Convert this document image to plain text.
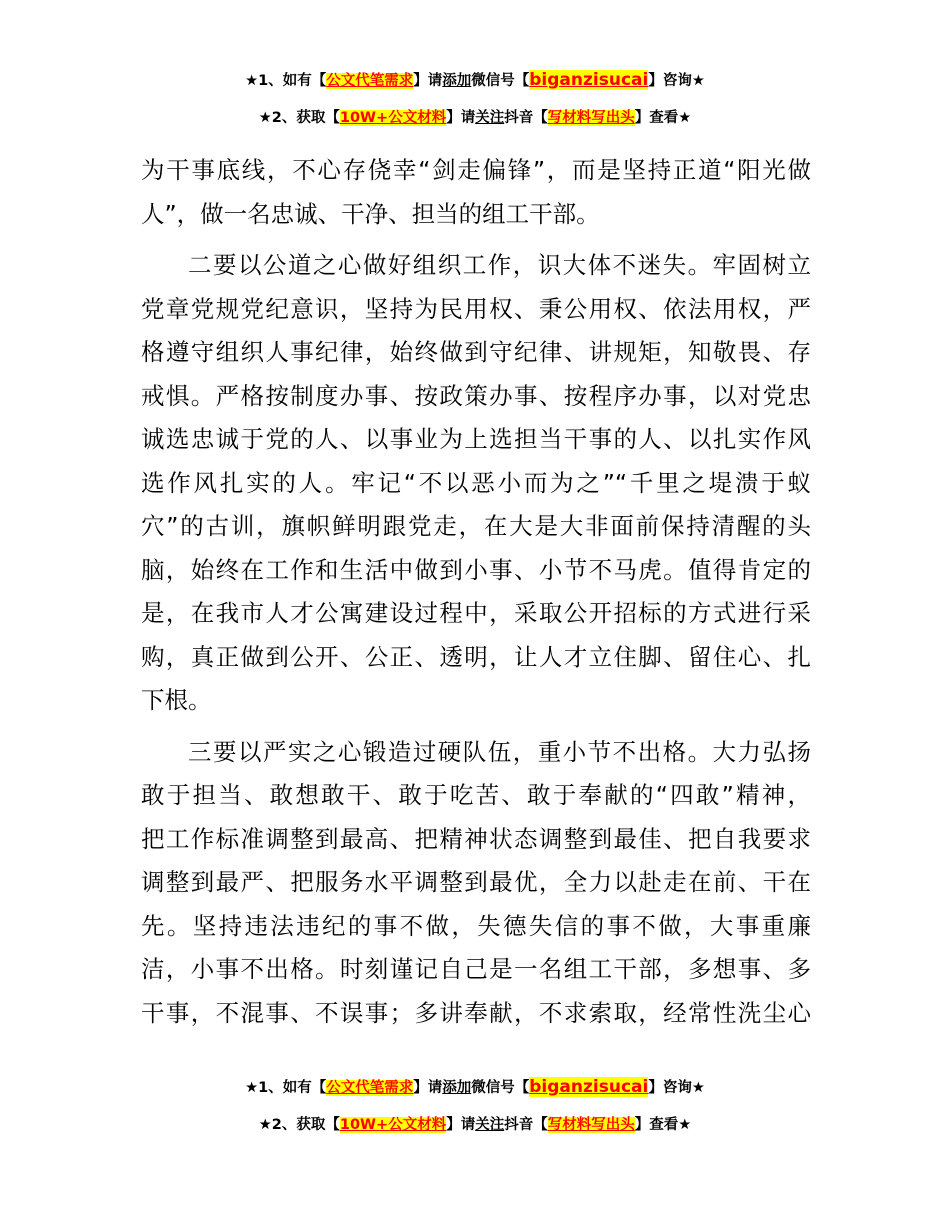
★1、如有【公文代笔需求】请添加微信号【biganzisucai】咨询★
★2、获取【10W+公文材料】请关注抖音【写材料写出头】查看★
为干事底线，不心存侥幸“剑走偏锋”，而是坚持正道“阳光做
人”，做一名忠诚、干净、担当的组工干部。
二要以公道之心做好组织工作，识大体不迷失。牢固树立
党章党规党纪意识，坚持为民用权、秉公用权、依法用权，严
格遵守组织人事纪律，始终做到守纪律、讲规矩，知敬畏、存
戒惧。严格按制度办事、按政策办事、按程序办事，以对党忠
诚选忠诚于党的人、以事业为上选担当干事的人、以扎实作风
选作风扎实的人。牢记“不以恶小而为之”“千里之堤溃于蚁
穴”的古训，旗帜鲜明跟党走，在大是大非面前保持清醒的头
脑，始终在工作和生活中做到小事、小节不马虎。值得肯定的
是，在我市人才公寓建设过程中，采取公开招标的方式进行采
购，真正做到公开、公正、透明，让人才立住脚、留住心、扎
下根。
三要以严实之心锻造过硬队伍，重小节不出格。大力弘扬
敢于担当、敢想敢干、敢于吃苦、敢于奉献的“四敢”精神，
把工作标准调整到最高、把精神状态调整到最佳、把自我要求
调整到最严、把服务水平调整到最优，全力以赴走在前、干在
先。坚持违法违纪的事不做，失德失信的事不做，大事重廉
洁，小事不出格。时刻谨记自己是一名组工干部，多想事、多
干事，不混事、不误事；多讲奉献，不求索取，经常性洗尘心
★1、如有【公文代笔需求】请添加微信号【biganzisucai】咨询★
★2、获取【10W+公文材料】请关注抖音【写材料写出头】查看★
